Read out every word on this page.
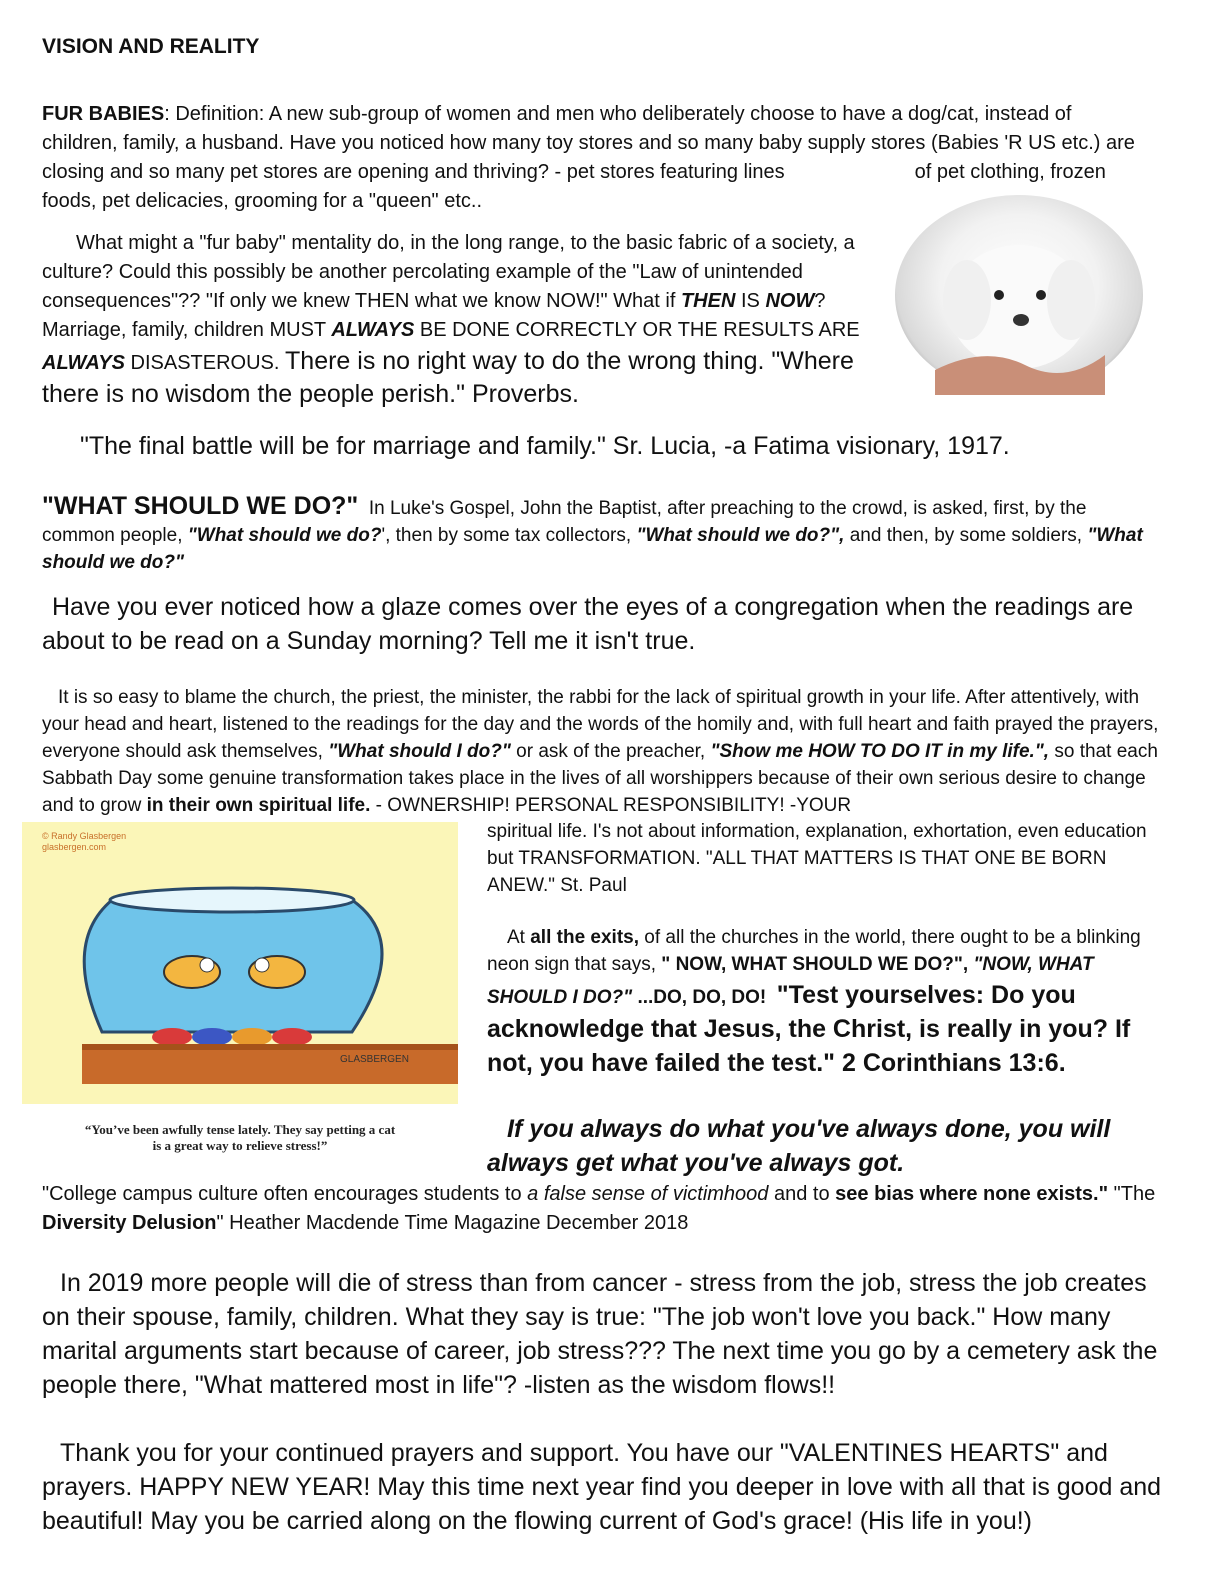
VISION AND REALITY

FUR BABIES: Definition: A new sub-group of women and men who deliberately choose to have a dog/cat, instead of children, family, a husband. Have you noticed how many toy stores and so many baby supply stores (Babies 'R US etc.) are closing and so many pet stores are opening and thriving? - pet stores featuring lines	of pet clothing, frozen foods, pet delicacies, grooming for a "queen" etc..

What might a "fur baby" mentality do, in the long range, to the basic fabric of a society, a culture? Could this possibly be another percolating example of the "Law of unintended consequences"?? "If only we knew THEN what we know NOW!" What if THEN IS NOW? Marriage, family, children MUST ALWAYS BE DONE CORRECTLY OR THE RESULTS ARE ALWAYS DISASTEROUS. There is no right way to do the wrong thing. "Where there is no wisdom the people perish." Proverbs.

"The final battle will be for marriage and family." Sr. Lucia, -a Fatima visionary, 1917.

"WHAT SHOULD WE DO?" In Luke's Gospel, John the Baptist, after preaching to the crowd, is asked, first, by the common people, "What should we do?', then by some tax collectors, "What should we do?", and then, by some soldiers, "What should we do?"

Have you ever noticed how a glaze comes over the eyes of a congregation when the readings are about to be read on a Sunday morning? Tell me it isn't true.

It is so easy to blame the church, the priest, the minister, the rabbi for the lack of spiritual growth in your life. After attentively, with your head and heart, listened to the readings for the day and the words of the homily and, with full heart and faith prayed the prayers, everyone should ask themselves, "What should I do?" or ask of the preacher, "Show me HOW TO DO IT in my life.", so that each Sabbath Day some genuine transformation takes place in the lives of all worshippers because of their own serious desire to change and to grow in their own spiritual life. - OWNERSHIP! PERSONAL RESPONSIBILITY! -YOUR

© Randy Glasbergen
glasbergen.com
GLASBERGEN
“You’ve been awfully tense lately. They say petting a cat is a great way to relieve stress!”

spiritual life. I's not about information, explanation, exhortation, even education but TRANSFORMATION. "ALL THAT MATTERS IS THAT ONE BE BORN ANEW." St. Paul

At all the exits, of all the churches in the world, there ought to be a blinking neon sign that says, " NOW, WHAT SHOULD WE DO?", "NOW, WHAT SHOULD I DO?" ...DO, DO, DO! "Test yourselves: Do you acknowledge that Jesus, the Christ, is really in you? If not, you have failed the test." 2 Corinthians 13:6.

If you always do what you've always done, you will always get what you've always got.

"College campus culture often encourages students to a false sense of victimhood and to see bias where none exists." "The Diversity Delusion" Heather Macdende Time Magazine December 2018

In 2019 more people will die of stress than from cancer - stress from the job, stress the job creates on their spouse, family, children. What they say is true: "The job won't love you back." How many marital arguments start because of career, job stress??? The next time you go by a cemetery ask the people there, "What mattered most in life"? -listen as the wisdom flows!!

Thank you for your continued prayers and support. You have our "VALENTINES HEARTS" and prayers. HAPPY NEW YEAR! May this time next year find you deeper in love with all that is good and beautiful! May you be carried along on the flowing current of God's grace! (His life in you!)
